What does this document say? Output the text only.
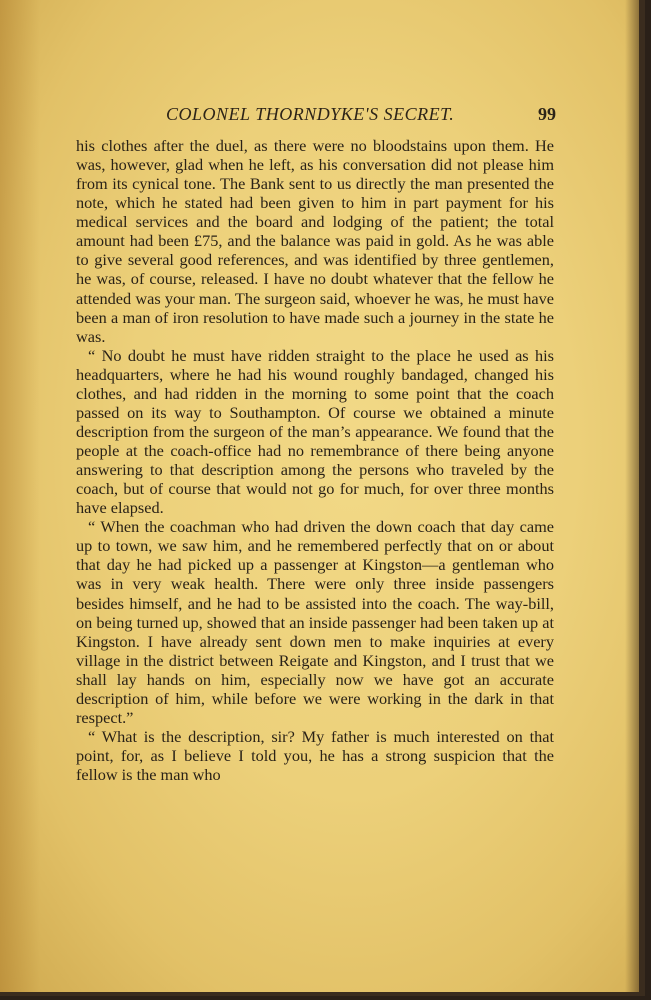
COLONEL THORNDYKE'S SECRET.	99

his clothes after the duel, as there were no bloodstains upon them. He was, however, glad when he left, as his conversation did not please him from its cynical tone. The Bank sent to us directly the man presented the note, which he stated had been given to him in part payment for his medical services and the board and lodging of the patient; the total amount had been £75, and the balance was paid in gold. As he was able to give several good references, and was identified by three gentlemen, he was, of course, released. I have no doubt whatever that the fellow he attended was your man. The surgeon said, whoever he was, he must have been a man of iron resolution to have made such a journey in the state he was.

“ No doubt he must have ridden straight to the place he used as his headquarters, where he had his wound roughly bandaged, changed his clothes, and had ridden in the morning to some point that the coach passed on its way to Southampton. Of course we obtained a minute description from the surgeon of the man’s appearance. We found that the people at the coach-office had no remembrance of there being anyone answering to that description among the persons who traveled by the coach, but of course that would not go for much, for over three months have elapsed.

“ When the coachman who had driven the down coach that day came up to town, we saw him, and he remembered perfectly that on or about that day he had picked up a passenger at Kingston—a gentleman who was in very weak health. There were only three inside passengers besides himself, and he had to be assisted into the coach. The way-bill, on being turned up, showed that an inside passenger had been taken up at Kingston. I have already sent down men to make inquiries at every village in the district between Reigate and Kingston, and I trust that we shall lay hands on him, especially now we have got an accurate description of him, while before we were working in the dark in that respect.”

“ What is the description, sir? My father is much interested on that point, for, as I believe I told you, he has a strong suspicion that the fellow is the man who
